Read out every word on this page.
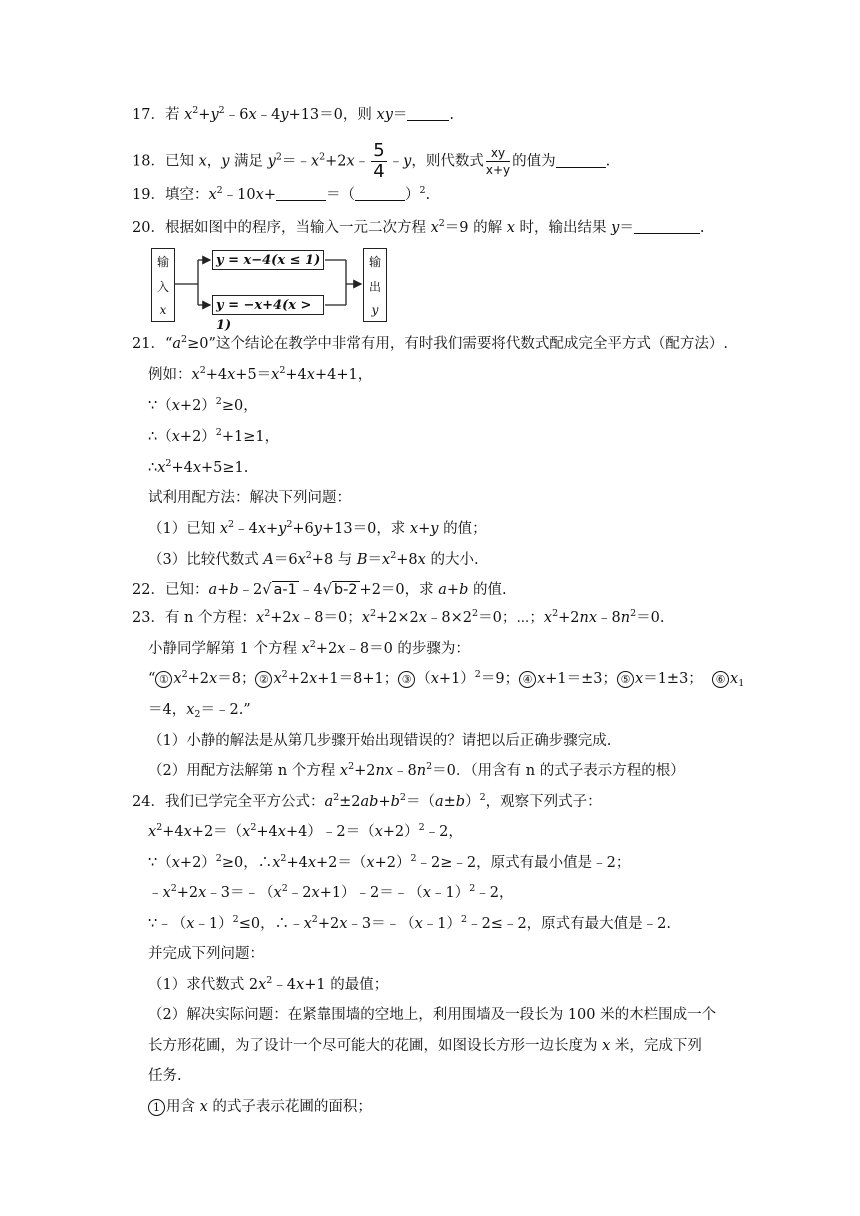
17．若 $x^2+y^2﹣6x﹣4y+13=0$，则 xy＝	.
18．已知 x，y 满足 $y^2=﹣x^2+2x﹣ \frac{5}{4}$ ﹣y，则代数式 $\frac{xy}{x+y}$ 的值为	.
19．填空：$x^2﹣10x+$	＝（	）$^2$.
20．根据如图中的程序，当输入一元二次方程 $x^2=9$ 的解 x 时，输出结果 y＝	.
输
入
x
y = x−4(x ≤ 1)
y = −x+4(x > 1)
输
出
y
21．“$a^2\ge 0$”这个结论在教学中非常有用，有时我们需要将代数式配成完全平方式（配方法）.
例如：$x^2+4x+5=x^2+4x+4+1$，
$\because(x+2)^2\ge 0$，
$\therefore(x+2)^2+1\ge 1$，
$\therefore x^2+4x+5\ge 1$.
试利用配方法：解决下列问题：
（1）已知 $x^2﹣4x+y^2+6y+13=0$，求 x+y 的值；
（3）比较代数式 $A=6x^2+8$ 与 $B=x^2+8x$ 的大小.
22．已知：a+b﹣2√ a-1 ﹣4√ b-2 +2＝0，求 a+b 的值.
23．有 n 个方程：$x^2+2x﹣8=0$；$x^2+2\times 2x﹣8\times 2^2=0$；⋯；$x^2+2nx﹣8n^2=0$.
小静同学解第 1 个方程 $x^2+2x﹣8=0$ 的步骤为：
“ ① $x^2+2x=8$； ② $x^2+2x+1=8+1$； ③ $(x+1)^2=9$； ④ x+1＝±3； ⑤ x＝1±3；  ⑥ $x_1$
＝4，$x_2=﹣2$.”
（1）小静的解法是从第几步骤开始出现错误的？请把以后正确步骤完成.
（2）用配方法解第 n 个方程 $x^2+2nx﹣8n^2=0$．（用含有 n 的式子表示方程的根）
24．我们已学完全平方公式：$a^2\pm 2ab+b^2=(a\pm b)^2$，观察下列式子：
$x^2+4x+2=(x^2+4x+4)﹣2=(x+2)^2﹣2$，
$\because(x+2)^2\ge 0$，$\therefore x^2+4x+2=(x+2)^2﹣2\ge﹣2$，原式有最小值是﹣2；
$﹣x^2+2x﹣3=﹣(x^2﹣2x+1)﹣2=﹣(x﹣1)^2﹣2$，
∵﹣（x﹣1）$^2$≤0，$\therefore﹣x^2+2x﹣3=﹣(x﹣1)^2﹣2\le﹣2$，原式有最大值是﹣2.
并完成下列问题：
（1）求代数式 $2x^2﹣4x+1$ 的最值；
（2）解决实际问题：在紧靠围墙的空地上，利用围墙及一段长为 100 米的木栏围成一个
长方形花圃，为了设计一个尽可能大的花圃，如图设长方形一边长度为 x 米，完成下列
任务.
1 用含 x 的式子表示花圃的面积；
